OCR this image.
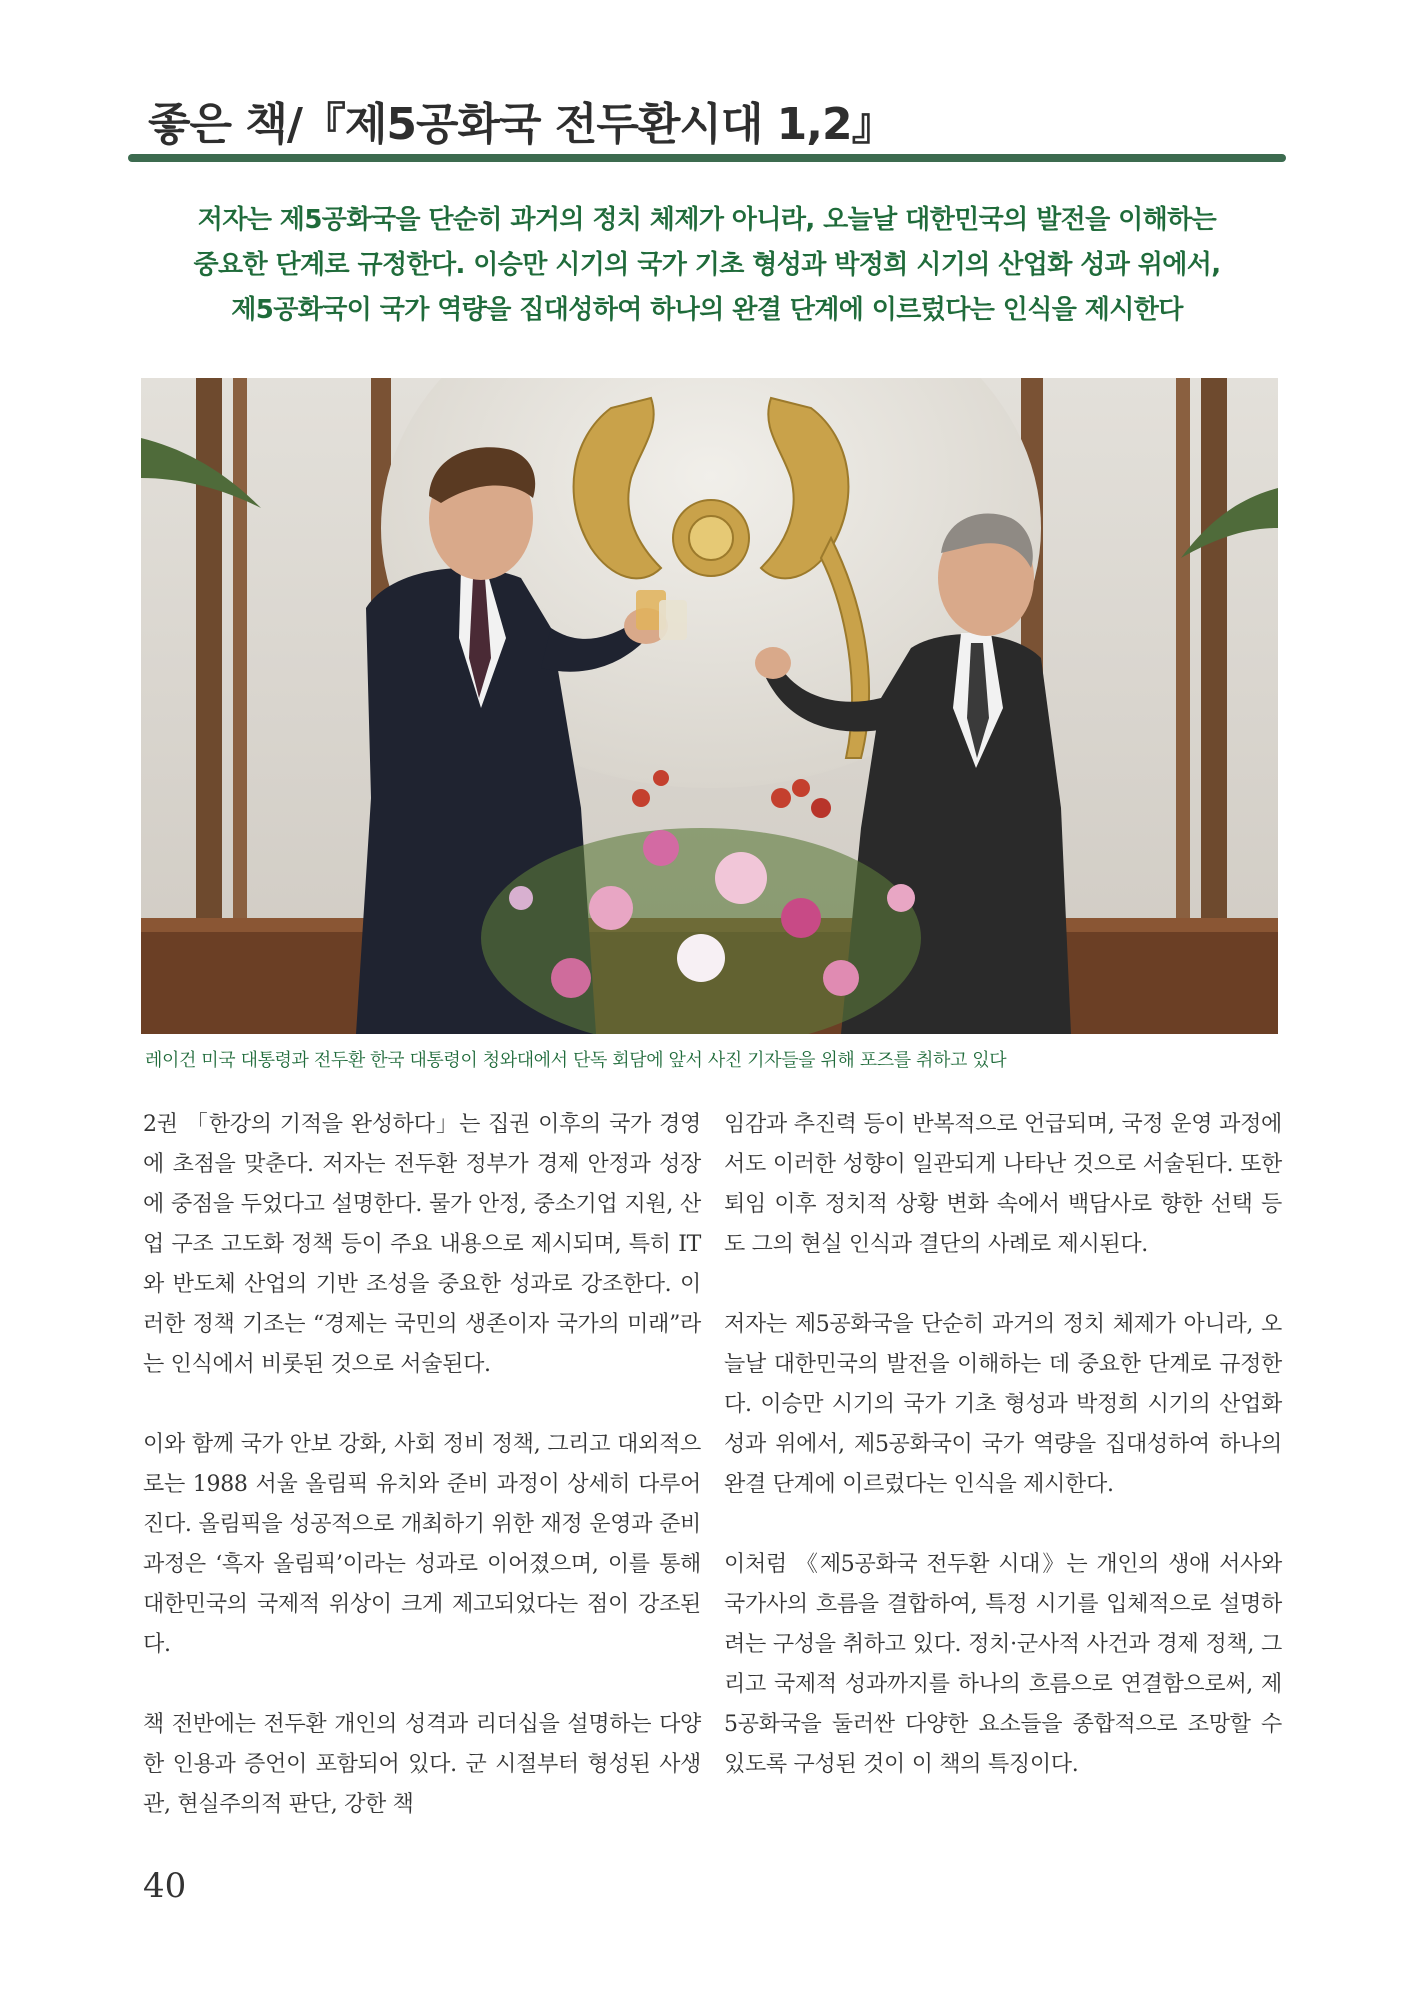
좋은 책/『제5공화국 전두환시대 1,2』

저자는 제5공화국을 단순히 과거의 정치 체제가 아니라, 오늘날 대한민국의 발전을 이해하는

중요한 단계로 규정한다. 이승만 시기의 국가 기초 형성과 박정희 시기의 산업화 성과 위에서,

제5공화국이 국가 역량을 집대성하여 하나의 완결 단계에 이르렀다는 인식을 제시한다

레이건 미국 대통령과 전두환 한국 대통령이 청와대에서 단독 회담에 앞서 사진 기자들을 위해 포즈를 취하고 있다

2권 「한강의 기적을 완성하다」는 집권 이후의 국가 경영에 초점을 맞춘다. 저자는 전두환 정부가 경제 안정과 성장에 중점을 두었다고 설명한다. 물가 안정, 중소기업 지원, 산업 구조 고도화 정책 등이 주요 내용으로 제시되며, 특히 IT와 반도체 산업의 기반 조성을 중요한 성과로 강조한다. 이러한 정책 기조는 “경제는 국민의 생존이자 국가의 미래”라는 인식에서 비롯된 것으로 서술된다.

이와 함께 국가 안보 강화, 사회 정비 정책, 그리고 대외적으로는 1988 서울 올림픽 유치와 준비 과정이 상세히 다루어진다. 올림픽을 성공적으로 개최하기 위한 재정 운영과 준비 과정은 ‘흑자 올림픽’이라는 성과로 이어졌으며, 이를 통해 대한민국의 국제적 위상이 크게 제고되었다는 점이 강조된다.

책 전반에는 전두환 개인의 성격과 리더십을 설명하는 다양한 인용과 증언이 포함되어 있다. 군 시절부터 형성된 사생관, 현실주의적 판단, 강한 책

임감과 추진력 등이 반복적으로 언급되며, 국정 운영 과정에서도 이러한 성향이 일관되게 나타난 것으로 서술된다. 또한 퇴임 이후 정치적 상황 변화 속에서 백담사로 향한 선택 등도 그의 현실 인식과 결단의 사례로 제시된다.

저자는 제5공화국을 단순히 과거의 정치 체제가 아니라, 오늘날 대한민국의 발전을 이해하는 데 중요한 단계로 규정한다. 이승만 시기의 국가 기초 형성과 박정희 시기의 산업화 성과 위에서, 제5공화국이 국가 역량을 집대성하여 하나의 완결 단계에 이르렀다는 인식을 제시한다.

이처럼 《제5공화국 전두환 시대》는 개인의 생애 서사와 국가사의 흐름을 결합하여, 특정 시기를 입체적으로 설명하려는 구성을 취하고 있다. 정치·군사적 사건과 경제 정책, 그리고 국제적 성과까지를 하나의 흐름으로 연결함으로써, 제5공화국을 둘러싼 다양한 요소들을 종합적으로 조망할 수 있도록 구성된 것이 이 책의 특징이다.

40
